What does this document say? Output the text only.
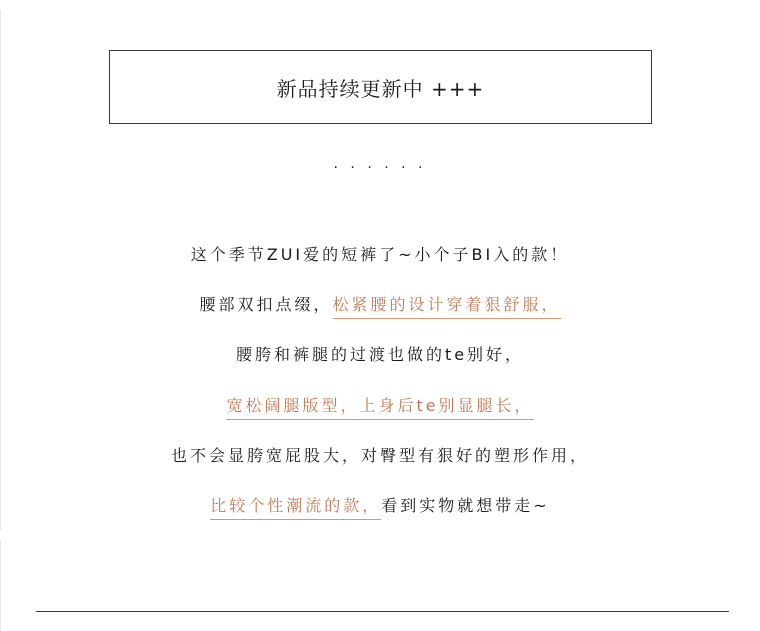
新品持续更新中 +++
· · · · · ·
这个季节ZUI爱的短裤了~小个子BI入的款！
腰部双扣点缀，松紧腰的设计穿着狠舒服，
腰胯和裤腿的过渡也做的te别好，
宽松阔腿版型，上身后te别显腿长，
也不会显胯宽屁股大，对臀型有狠好的塑形作用，
比较个性潮流的款，看到实物就想带走~
